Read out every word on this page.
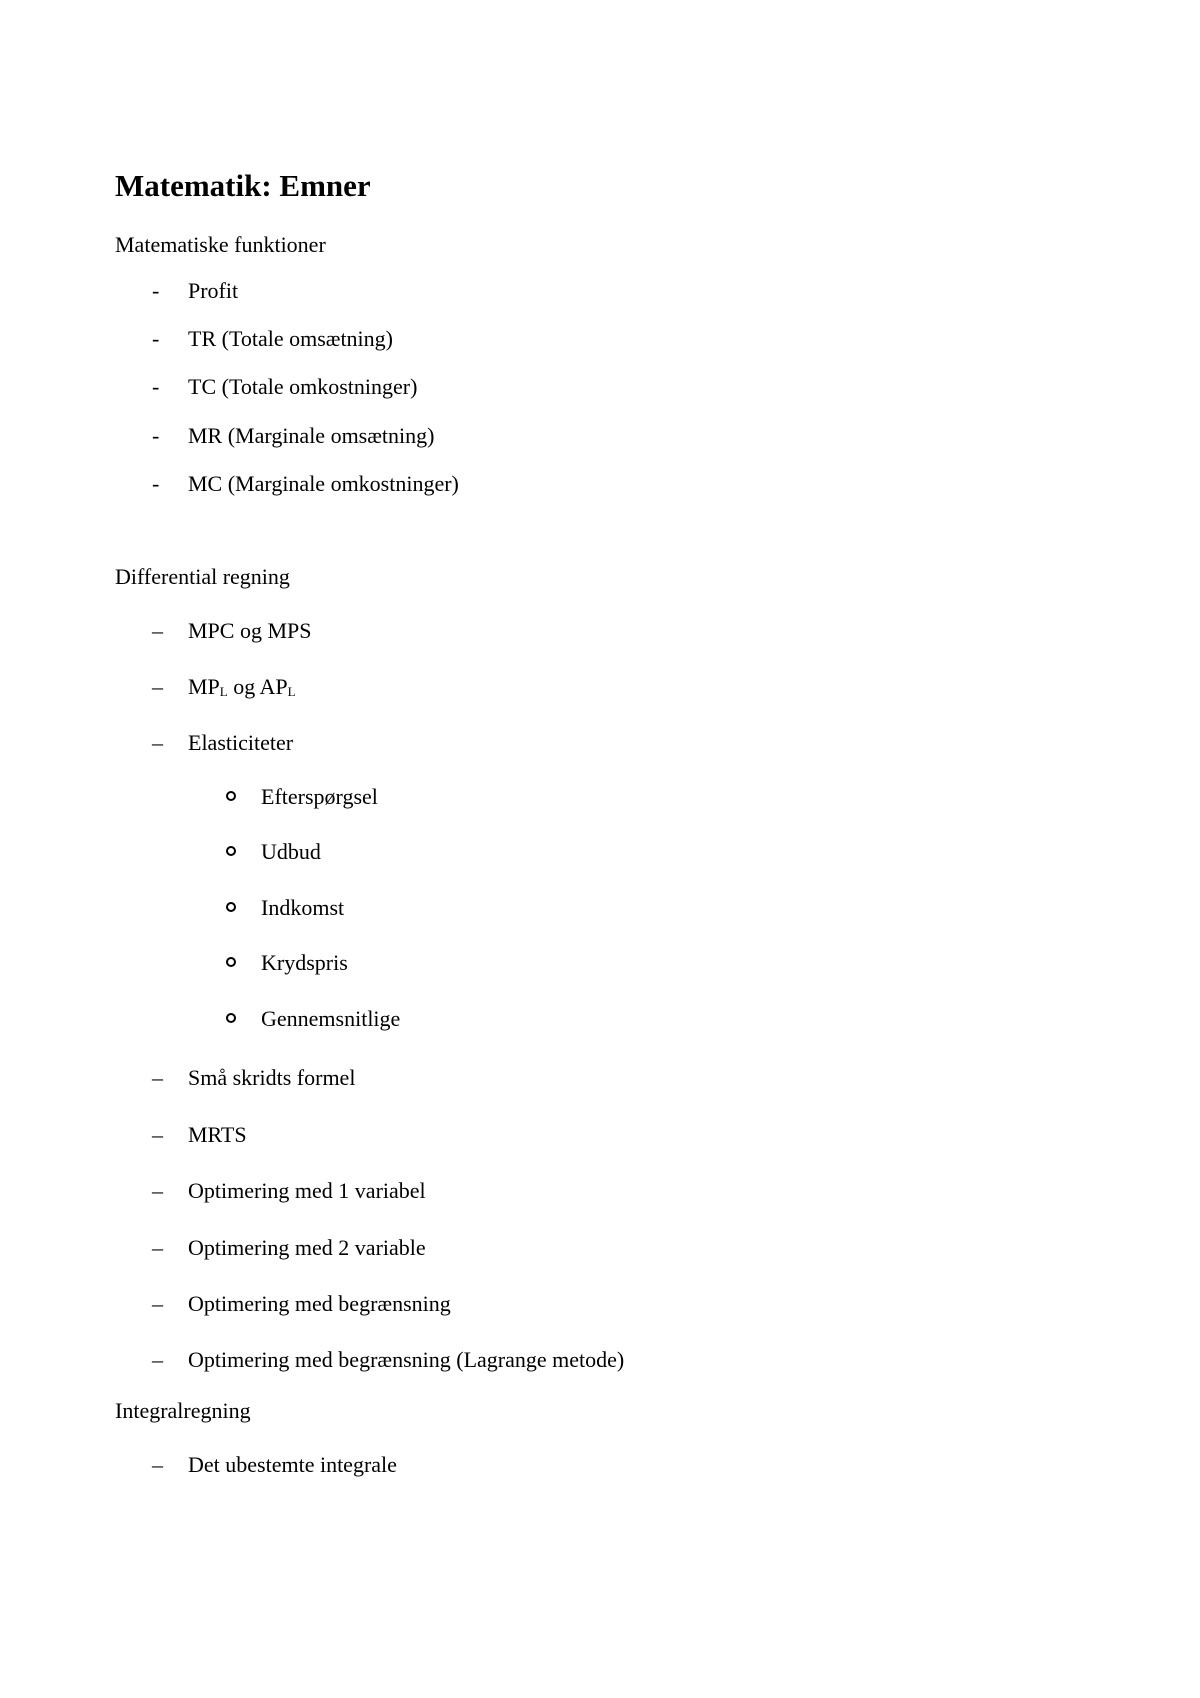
Matematik: Emner
Matematiske funktioner
- Profit
- TR (Totale omsætning)
- TC (Totale omkostninger)
- MR (Marginale omsætning)
- MC (Marginale omkostninger)
Differential regning
– MPC og MPS
– $MP_L$ og $AP_L$
– Elasticiteter
Efterspørgsel
Udbud
Indkomst
Krydspris
Gennemsnitlige
– Små skridts formel
– MRTS
– Optimering med 1 variabel
– Optimering med 2 variable
– Optimering med begrænsning
– Optimering med begrænsning (Lagrange metode)
Integralregning
– Det ubestemte integrale
